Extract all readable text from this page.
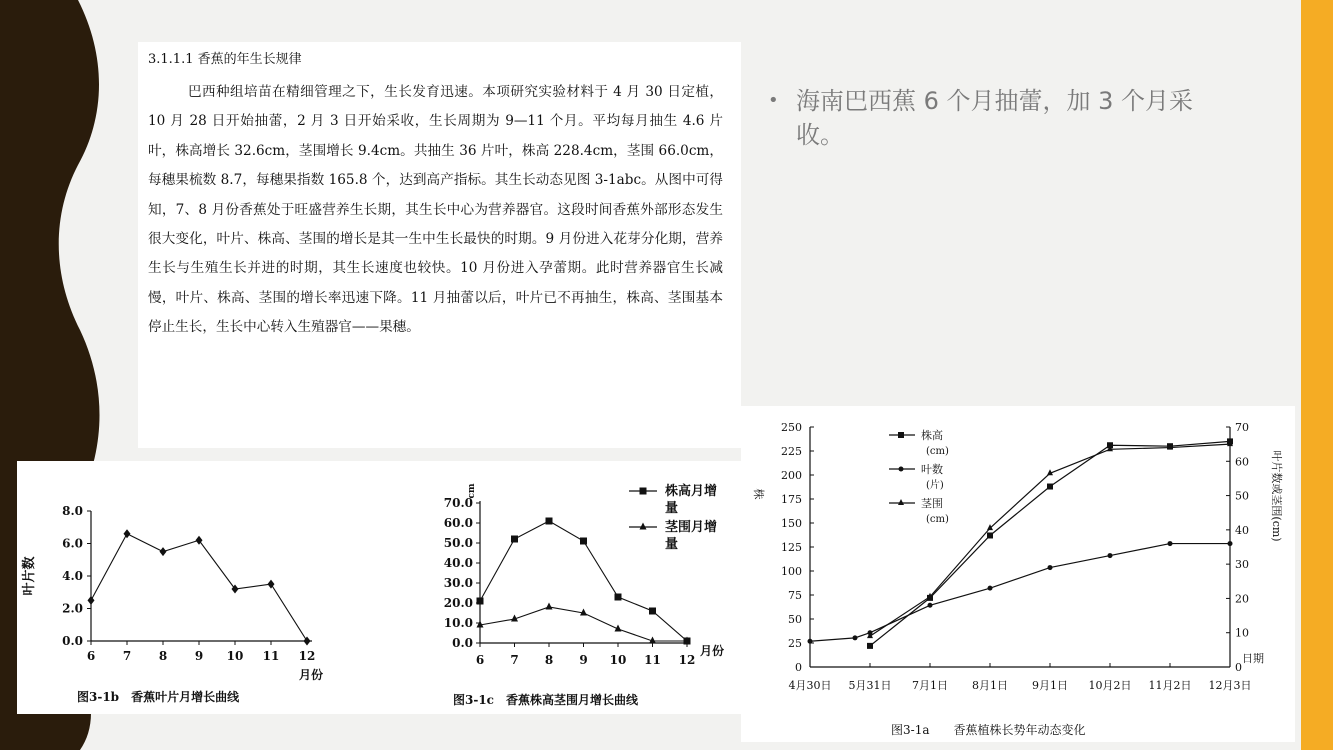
3.1.1.1 香蕉的年生长规律
巴西种组培苗在精细管理之下，生长发育迅速。本项研究实验材料于 4 月 30 日定植，10 月 28 日开始抽蕾，2 月 3 日开始采收，生长周期为 9—11 个月。平均每月抽生 4.6 片叶，株高增长 32.6cm，茎围增长 9.4cm。共抽生 36 片叶，株高 228.4cm，茎围 66.0cm，每穗果梳数 8.7，每穗果指数 165.8 个，达到高产指标。其生长动态见图 3-1abc。从图中可得知，7、8 月份香蕉处于旺盛营养生长期，其生长中心为营养器官。这段时间香蕉外部形态发生很大变化，叶片、株高、茎围的增长是其一生中生长最快的时期。9 月份进入花芽分化期，营养生长与生殖生长并进的时期，其生长速度也较快。10 月份进入孕蕾期。此时营养器官生长减慢，叶片、株高、茎围的增长率迅速下降。11 月抽蕾以后，叶片已不再抽生，株高、茎围基本停止生长，生长中心转入生殖器官——果穗。
• 海南巴西蕉 6 个月抽蕾，加 3 个月采收。
0.0
2.0
4.0
6.0
8.0
6 7 8 9 10 11 12
叶片数
月份
图3-1b　香蕉叶片月增长曲线
0.0
10.0
20.0
30.0
40.0
50.0
60.0
70.0
cm
6 7 8 9 10 11 12
月份
株高月增
量
茎围月增
量
图3-1c　香蕉株高茎围月增长曲线
0
25
50
75
100
125
150
175
200
225
250
0
10
20
30
40
50
60
70
4月30日 5月31日 7月1日 8月1日 9月1日 10月2日 11月2日 12月3日
株	叶片数或茎围(cm)
日期
株高
(cm)
叶数
(片)
茎围
(cm)
图3-1a　　香蕉植株长势年动态变化
